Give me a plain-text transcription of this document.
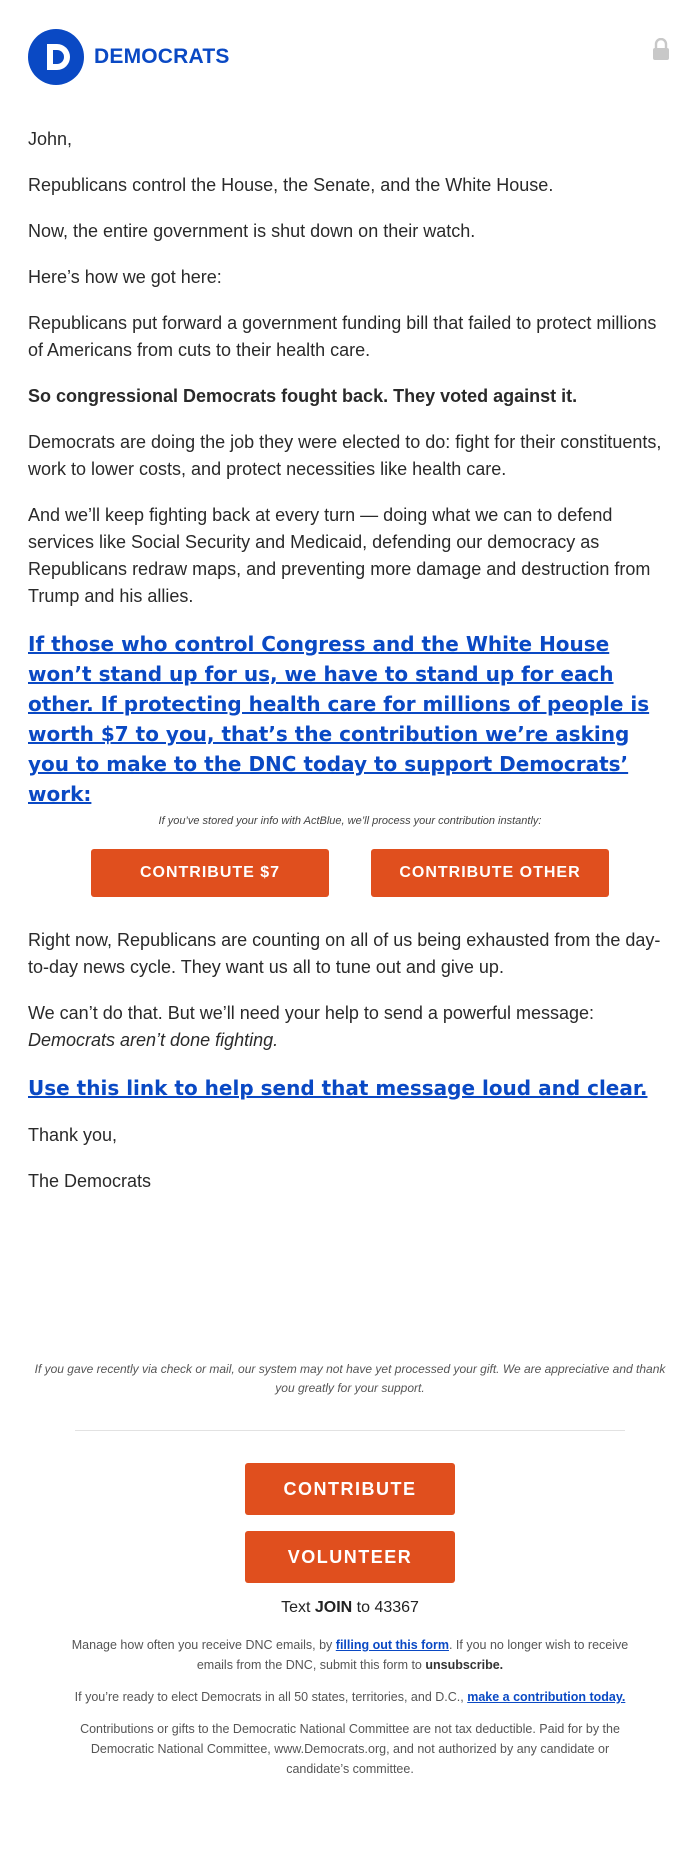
DEMOCRATS

John,

Republicans control the House, the Senate, and the White House.

Now, the entire government is shut down on their watch.

Here’s how we got here:

Republicans put forward a government funding bill that failed to protect millions of Americans from cuts to their health care.

So congressional Democrats fought back. They voted against it.

Democrats are doing the job they were elected to do: fight for their constituents, work to lower costs, and protect necessities like health care.

And we’ll keep fighting back at every turn — doing what we can to defend services like Social Security and Medicaid, defending our democracy as Republicans redraw maps, and preventing more damage and destruction from Trump and his allies.

If those who control Congress and the White House won’t stand up for us, we have to stand up for each other. If protecting health care for millions of people is worth $7 to you, that’s the contribution we’re asking you to make to the DNC today to support Democrats’ work:

If you’ve stored your info with ActBlue, we’ll process your contribution instantly:

CONTRIBUTE $7	CONTRIBUTE OTHER

Right now, Republicans are counting on all of us being exhausted from the day-to-day news cycle. They want us all to tune out and give up.

We can’t do that. But we’ll need your help to send a powerful message:
Democrats aren’t done fighting.

Use this link to help send that message loud and clear.

Thank you,

The Democrats

If you gave recently via check or mail, our system may not have yet processed your gift. We are appreciative and thank you greatly for your support.

CONTRIBUTE
VOLUNTEER

Text JOIN to 43367

Manage how often you receive DNC emails, by filling out this form. If you no longer wish to receive emails from the DNC, submit this form to unsubscribe.

If you’re ready to elect Democrats in all 50 states, territories, and D.C., make a contribution today.

Contributions or gifts to the Democratic National Committee are not tax deductible. Paid for by the Democratic National Committee, www.Democrats.org, and not authorized by any candidate or candidate’s committee.
